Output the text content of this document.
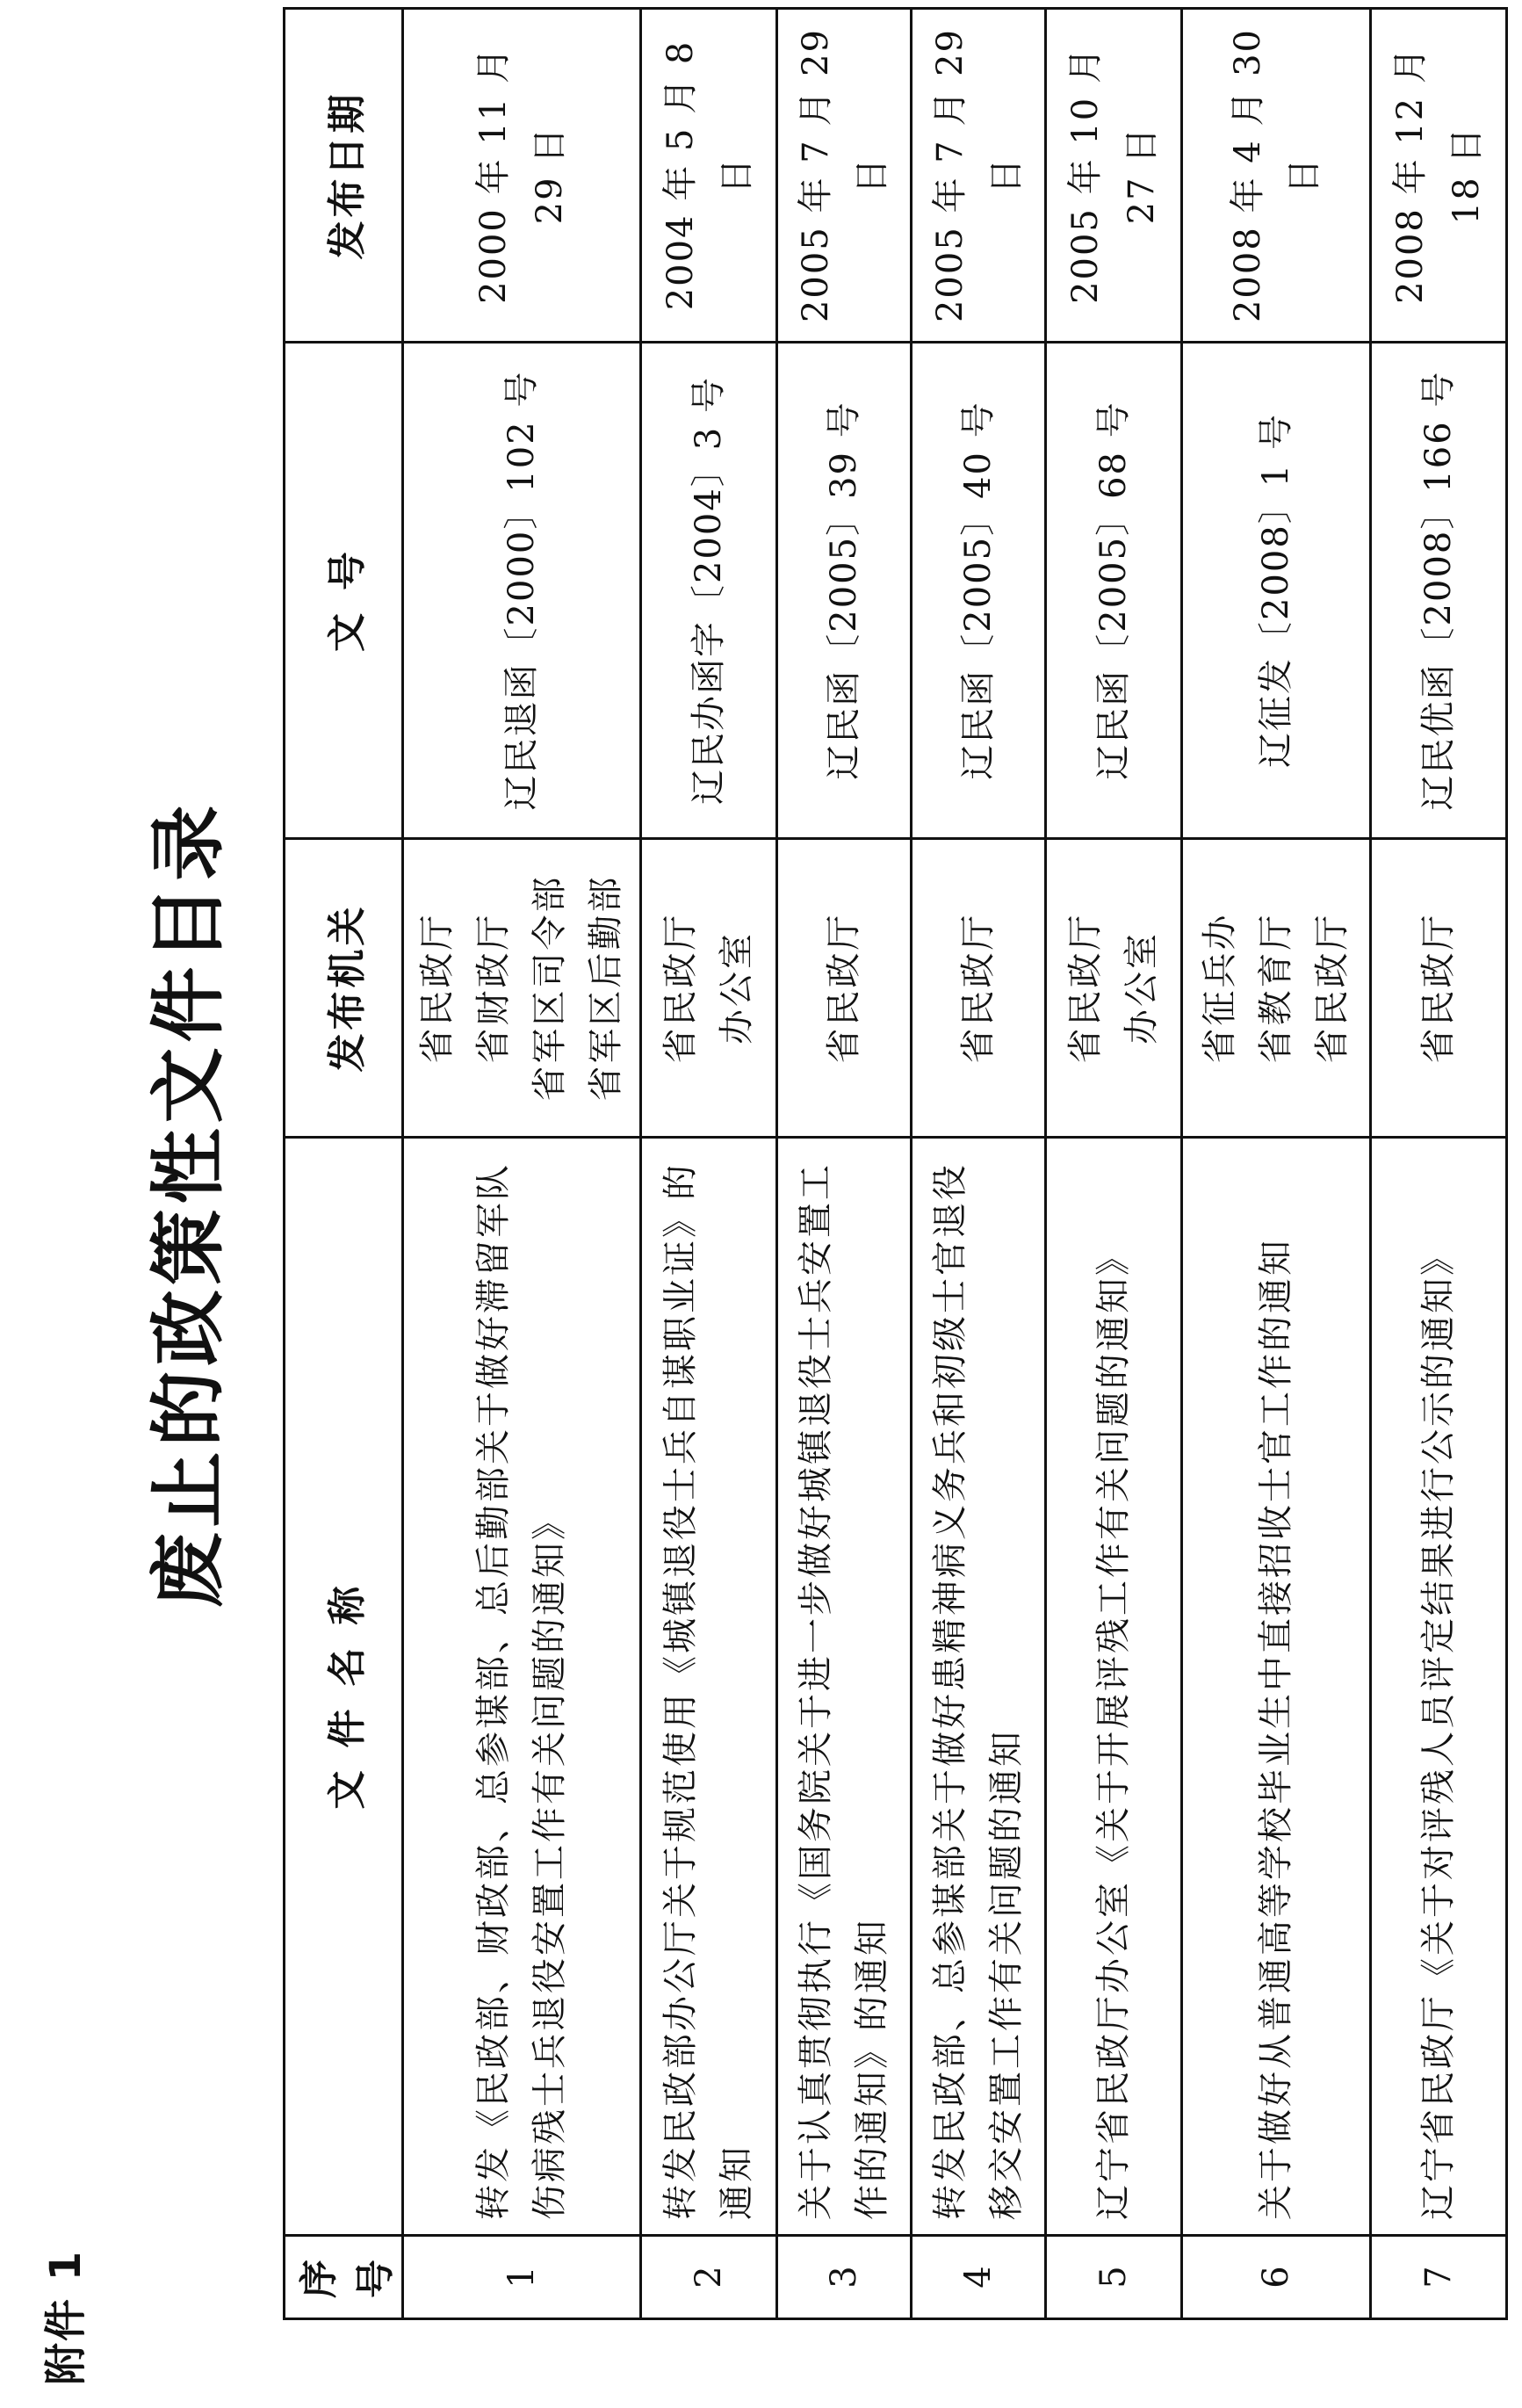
附件 1
废止的政策性文件目录
序号	文件名称	发布机关	文号	发布日期
1	转发《民政部、财政部、总参谋部、总后勤部关于做好滞留军队伤病残士兵退役安置工作有关问题的通知》	省民政厅 省财政厅 省军区司令部 省军区后勤部	辽民退函〔2000〕102 号	2000 年 11 月 29 日
2	转发民政部办公厅关于规范使用《城镇退役士兵自谋职业证》的通知	省民政厅 办公室	辽民办函字〔2004〕3 号	2004 年 5 月 8 日
3	关于认真贯彻执行《国务院关于进一步做好城镇退役士兵安置工作的通知》的通知	省民政厅	辽民函〔2005〕39 号	2005 年 7 月 29 日
4	转发民政部、总参谋部关于做好患精神病义务兵和初级士官退役移交安置工作有关问题的通知	省民政厅	辽民函〔2005〕40 号	2005 年 7 月 29 日
5	辽宁省民政厅办公室《关于开展评残工作有关问题的通知》	省民政厅 办公室	辽民函〔2005〕68 号	2005 年 10 月 27 日
6	关于做好从普通高等学校毕业生中直接招收士官工作的通知	省征兵办 省教育厅 省民政厅	辽征发〔2008〕1 号	2008 年 4 月 30 日
7	辽宁省民政厅《关于对评残人员评定结果进行公示的通知》	省民政厅	辽民优函〔2008〕166 号	2008 年 12 月 18 日
